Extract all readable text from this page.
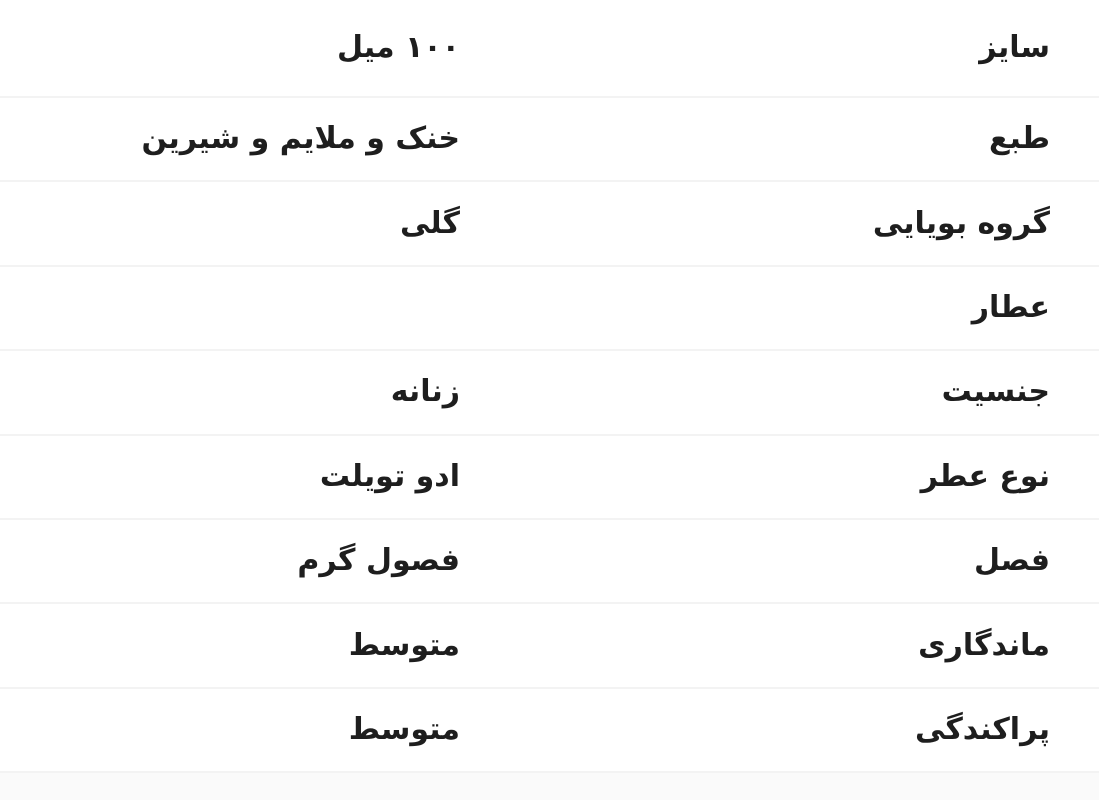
سایز
۱۰۰ میل
طبع
خنک و ملایم و شیرین
گروه بویایی
گلی
عطار
جنسیت
زنانه
نوع عطر
ادو تویلت
فصل
فصول گرم
ماندگاری
متوسط
پراکندگی
متوسط
